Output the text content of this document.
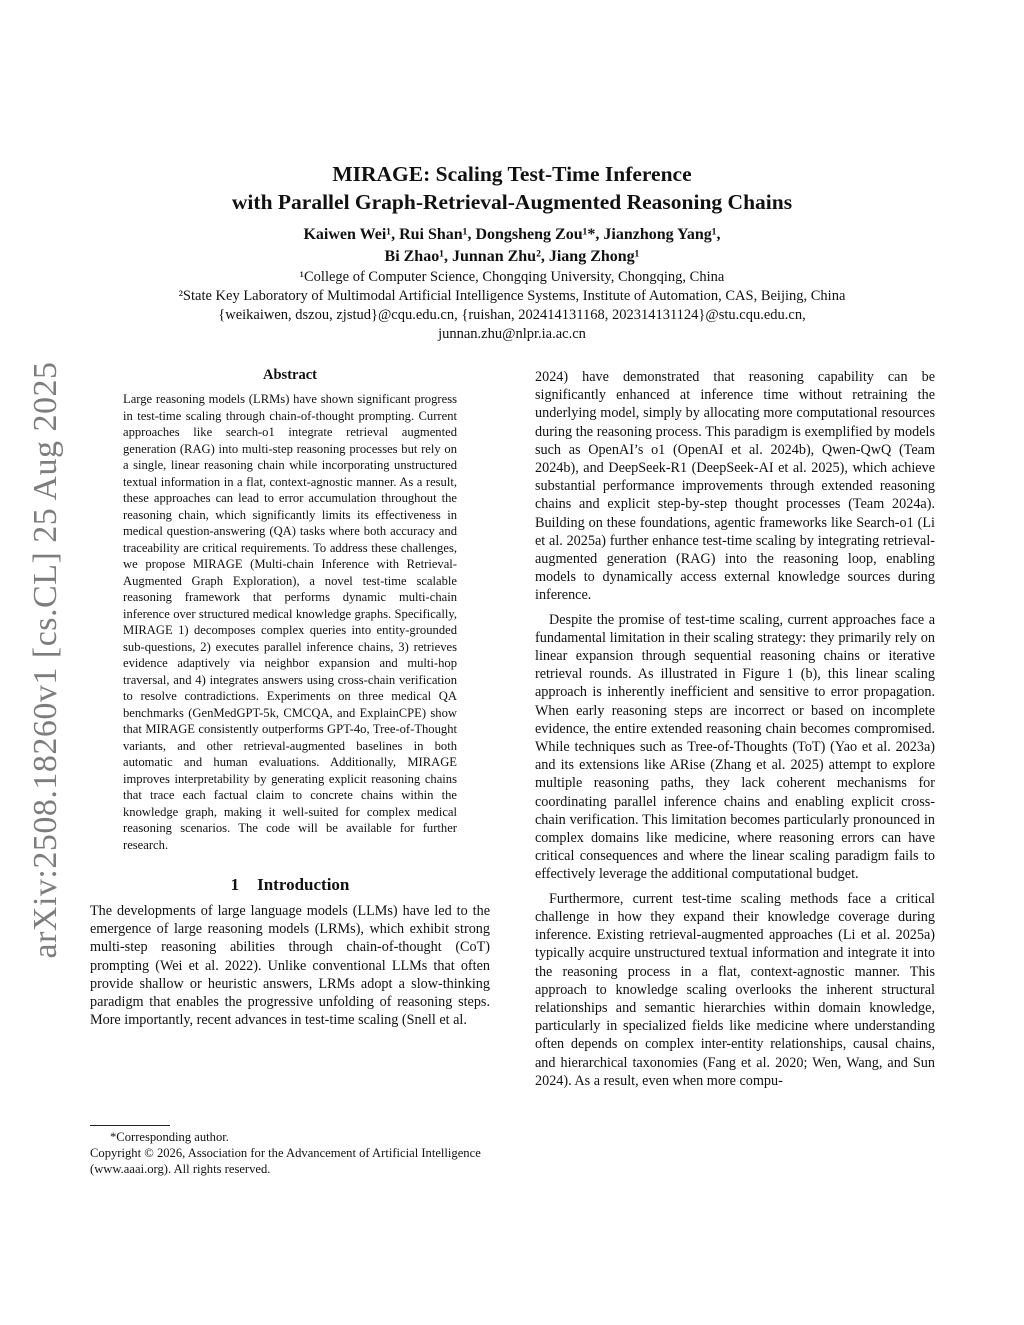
arXiv:2508.18260v1 [cs.CL] 25 Aug 2025
MIRAGE: Scaling Test-Time Inference
with Parallel Graph-Retrieval-Augmented Reasoning Chains
Kaiwen Wei¹, Rui Shan¹, Dongsheng Zou¹*, Jianzhong Yang¹,
Bi Zhao¹, Junnan Zhu², Jiang Zhong¹
¹College of Computer Science, Chongqing University, Chongqing, China
²State Key Laboratory of Multimodal Artificial Intelligence Systems, Institute of Automation, CAS, Beijing, China
{weikaiwen, dszou, zjstud}@cqu.edu.cn, {ruishan, 202414131168, 202314131124}@stu.cqu.edu.cn,
junnan.zhu@nlpr.ia.ac.cn
Abstract

Large reasoning models (LRMs) have shown significant progress in test-time scaling through chain-of-thought prompting. Current approaches like search-o1 integrate retrieval augmented generation (RAG) into multi-step reasoning processes but rely on a single, linear reasoning chain while incorporating unstructured textual information in a flat, context-agnostic manner. As a result, these approaches can lead to error accumulation throughout the reasoning chain, which significantly limits its effectiveness in medical question-answering (QA) tasks where both accuracy and traceability are critical requirements. To address these challenges, we propose MIRAGE (Multi-chain Inference with Retrieval-Augmented Graph Exploration), a novel test-time scalable reasoning framework that performs dynamic multi-chain inference over structured medical knowledge graphs. Specifically, MIRAGE 1) decomposes complex queries into entity-grounded sub-questions, 2) executes parallel inference chains, 3) retrieves evidence adaptively via neighbor expansion and multi-hop traversal, and 4) integrates answers using cross-chain verification to resolve contradictions. Experiments on three medical QA benchmarks (GenMedGPT-5k, CMCQA, and ExplainCPE) show that MIRAGE consistently outperforms GPT-4o, Tree-of-Thought variants, and other retrieval-augmented baselines in both automatic and human evaluations. Additionally, MIRAGE improves interpretability by generating explicit reasoning chains that trace each factual claim to concrete chains within the knowledge graph, making it well-suited for complex medical reasoning scenarios. The code will be available for further research.

1 Introduction

The developments of large language models (LLMs) have led to the emergence of large reasoning models (LRMs), which exhibit strong multi-step reasoning abilities through chain-of-thought (CoT) prompting (Wei et al. 2022). Unlike conventional LLMs that often provide shallow or heuristic answers, LRMs adopt a slow-thinking paradigm that enables the progressive unfolding of reasoning steps. More importantly, recent advances in test-time scaling (Snell et al.

*Corresponding author.

Copyright © 2026, Association for the Advancement of Artificial Intelligence (www.aaai.org). All rights reserved.

2024) have demonstrated that reasoning capability can be significantly enhanced at inference time without retraining the underlying model, simply by allocating more computational resources during the reasoning process. This paradigm is exemplified by models such as OpenAI’s o1 (OpenAI et al. 2024b), Qwen-QwQ (Team 2024b), and DeepSeek-R1 (DeepSeek-AI et al. 2025), which achieve substantial performance improvements through extended reasoning chains and explicit step-by-step thought processes (Team 2024a). Building on these foundations, agentic frameworks like Search-o1 (Li et al. 2025a) further enhance test-time scaling by integrating retrieval-augmented generation (RAG) into the reasoning loop, enabling models to dynamically access external knowledge sources during inference.

Despite the promise of test-time scaling, current approaches face a fundamental limitation in their scaling strategy: they primarily rely on linear expansion through sequential reasoning chains or iterative retrieval rounds. As illustrated in Figure 1 (b), this linear scaling approach is inherently inefficient and sensitive to error propagation. When early reasoning steps are incorrect or based on incomplete evidence, the entire extended reasoning chain becomes compromised. While techniques such as Tree-of-Thoughts (ToT) (Yao et al. 2023a) and its extensions like ARise (Zhang et al. 2025) attempt to explore multiple reasoning paths, they lack coherent mechanisms for coordinating parallel inference chains and enabling explicit cross-chain verification. This limitation becomes particularly pronounced in complex domains like medicine, where reasoning errors can have critical consequences and where the linear scaling paradigm fails to effectively leverage the additional computational budget.

Furthermore, current test-time scaling methods face a critical challenge in how they expand their knowledge coverage during inference. Existing retrieval-augmented approaches (Li et al. 2025a) typically acquire unstructured textual information and integrate it into the reasoning process in a flat, context-agnostic manner. This approach to knowledge scaling overlooks the inherent structural relationships and semantic hierarchies within domain knowledge, particularly in specialized fields like medicine where understanding often depends on complex inter-entity relationships, causal chains, and hierarchical taxonomies (Fang et al. 2020; Wen, Wang, and Sun 2024). As a result, even when more compu-
